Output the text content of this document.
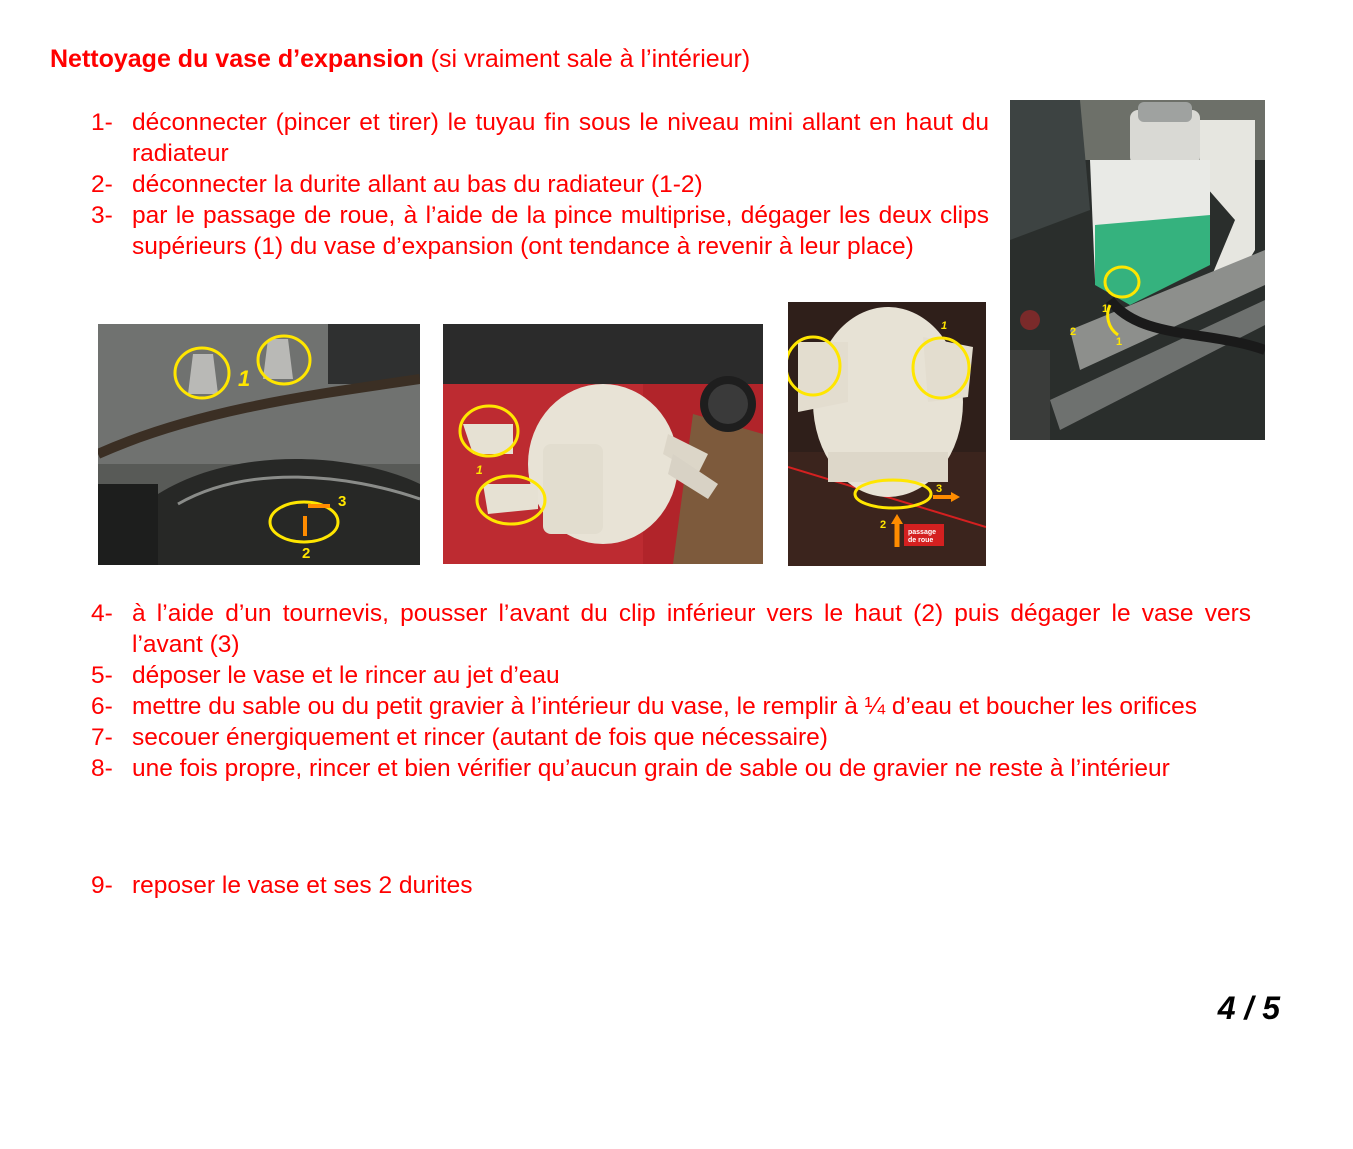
Nettoyage du vase d’expansion (si vraiment sale à l’intérieur)
1- déconnecter (pincer et tirer) le tuyau fin sous le niveau mini allant en haut du radiateur
2- déconnecter la durite allant au bas du radiateur (1-2)
3- par le passage de roue, à l’aide de la pince multiprise, dégager les deux clips supérieurs (1) du vase d’expansion (ont tendance à revenir à leur place)
1
2
1
1
3
2
1
1
3
2
passage
de roue
4- à l’aide d’un tournevis, pousser l’avant du clip inférieur vers le haut (2) puis dégager le vase vers l’avant (3)
5- déposer le vase et le rincer au jet d’eau
6- mettre du sable ou du petit gravier à l’intérieur du vase, le remplir à ¼ d’eau et boucher les orifices
7- secouer énergiquement et rincer (autant de fois que nécessaire)
8- une fois propre, rincer et bien vérifier qu’aucun grain de sable ou de gravier ne reste à l’intérieur
9- reposer le vase et ses 2 durites
4 / 5
